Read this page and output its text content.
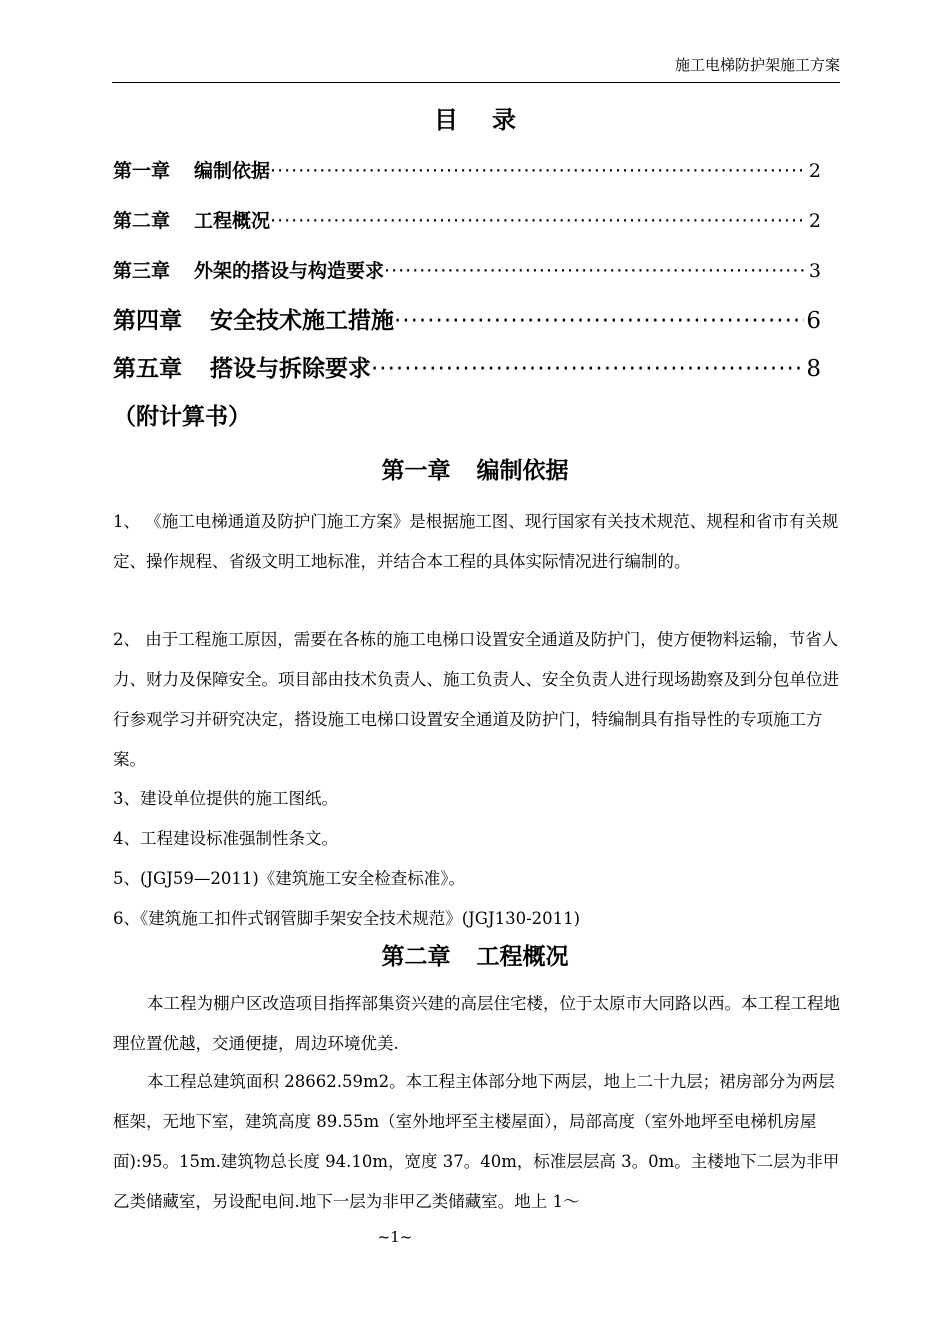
施工电梯防护架施工方案
目录
第一章 编制依据 ·····	2
第二章 工程概况 ·····	2
第三章 外架的搭设与构造要求 ·····	3
第四章 安全技术施工措施 ·····	6
第五章 搭设与拆除要求 ·····	8
（附计算书）
第一章 编制依据

1、 《施工电梯通道及防护门施工方案》是根据施工图、现行国家有关技术规范、规程和省市有关规定、操作规程、省级文明工地标准，并结合本工程的具体实际情况进行编制的。

2、 由于工程施工原因，需要在各栋的施工电梯口设置安全通道及防护门，使方便物料运输，节省人力、财力及保障安全。项目部由技术负责人、施工负责人、安全负责人进行现场勘察及到分包单位进行参观学习并研究决定，搭设施工电梯口设置安全通道及防护门，特编制具有指导性的专项施工方案。

3、建设单位提供的施工图纸。

4、工程建设标准强制性条文。

5、(JGJ59—2011)《建筑施工安全检查标准》。

6、《建筑施工扣件式钢管脚手架安全技术规范》(JGJ130-2011)

第二章 工程概况

本工程为棚户区改造项目指挥部集资兴建的高层住宅楼，位于太原市大同路以西。本工程工程地理位置优越，交通便捷，周边环境优美.

本工程总建筑面积 28662.59m2。本工程主体部分地下两层，地上二十九层；裙房部分为两层框架，无地下室，建筑高度 89.55m（室外地坪至主楼屋面），局部高度（室外地坪至电梯机房屋面):95。15m.建筑物总长度 94.10m，宽度 37。40m，标准层层高 3。0m。主楼地下二层为非甲乙类储藏室，另设配电间.地下一层为非甲乙类储藏室。地上 1～

~1~
